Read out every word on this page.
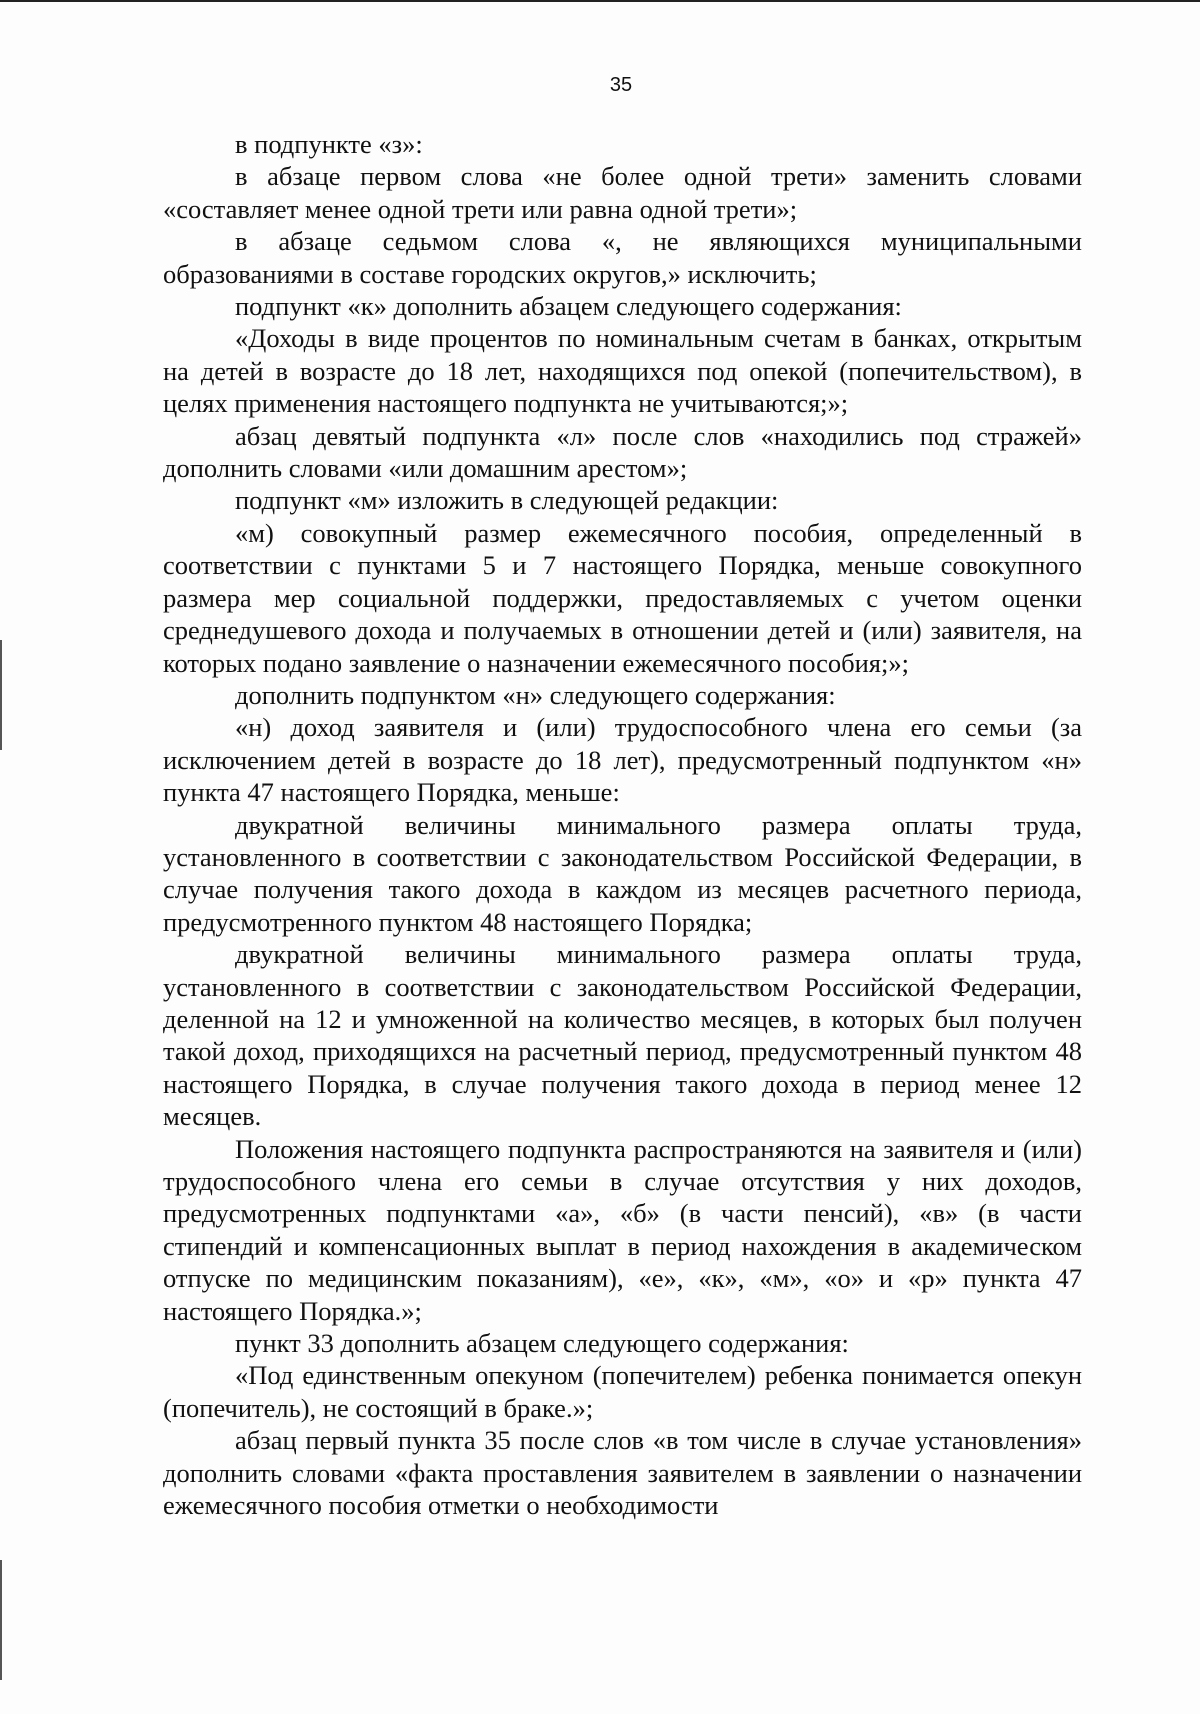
35

в подпункте «з»:

в абзаце первом слова «не более одной трети» заменить словами «составляет менее одной трети или равна одной трети»;

в абзаце седьмом слова «, не являющихся муниципальными образованиями в составе городских округов,» исключить;

подпункт «к» дополнить абзацем следующего содержания:

«Доходы в виде процентов по номинальным счетам в банках, открытым на детей в возрасте до 18 лет, находящихся под опекой (попечительством), в целях применения настоящего подпункта не учитываются;»;

абзац девятый подпункта «л» после слов «находились под стражей» дополнить словами «или домашним арестом»;

подпункт «м» изложить в следующей редакции:

«м) совокупный размер ежемесячного пособия, определенный в соответствии с пунктами 5 и 7 настоящего Порядка, меньше совокупного размера мер социальной поддержки, предоставляемых с учетом оценки среднедушевого дохода и получаемых в отношении детей и (или) заявителя, на которых подано заявление о назначении ежемесячного пособия;»;

дополнить подпунктом «н» следующего содержания:

«н) доход заявителя и (или) трудоспособного члена его семьи (за исключением детей в возрасте до 18 лет), предусмотренный подпунктом «н» пункта 47 настоящего Порядка, меньше:

двукратной величины минимального размера оплаты труда, установленного в соответствии с законодательством Российской Федерации, в случае получения такого дохода в каждом из месяцев расчетного периода, предусмотренного пунктом 48 настоящего Порядка;

двукратной величины минимального размера оплаты труда, установленного в соответствии с законодательством Российской Федерации, деленной на 12 и умноженной на количество месяцев, в которых был получен такой доход, приходящихся на расчетный период, предусмотренный пунктом 48 настоящего Порядка, в случае получения такого дохода в период менее 12 месяцев.

Положения настоящего подпункта распространяются на заявителя и (или) трудоспособного члена его семьи в случае отсутствия у них доходов, предусмотренных подпунктами «а», «б» (в части пенсий), «в» (в части стипендий и компенсационных выплат в период нахождения в академическом отпуске по медицинским показаниям), «е», «к», «м», «о» и «р» пункта 47 настоящего Порядка.»;

пункт 33 дополнить абзацем следующего содержания:

«Под единственным опекуном (попечителем) ребенка понимается опекун (попечитель), не состоящий в браке.»;

абзац первый пункта 35 после слов «в том числе в случае установления» дополнить словами «факта проставления заявителем в заявлении о назначении ежемесячного пособия отметки о необходимости
